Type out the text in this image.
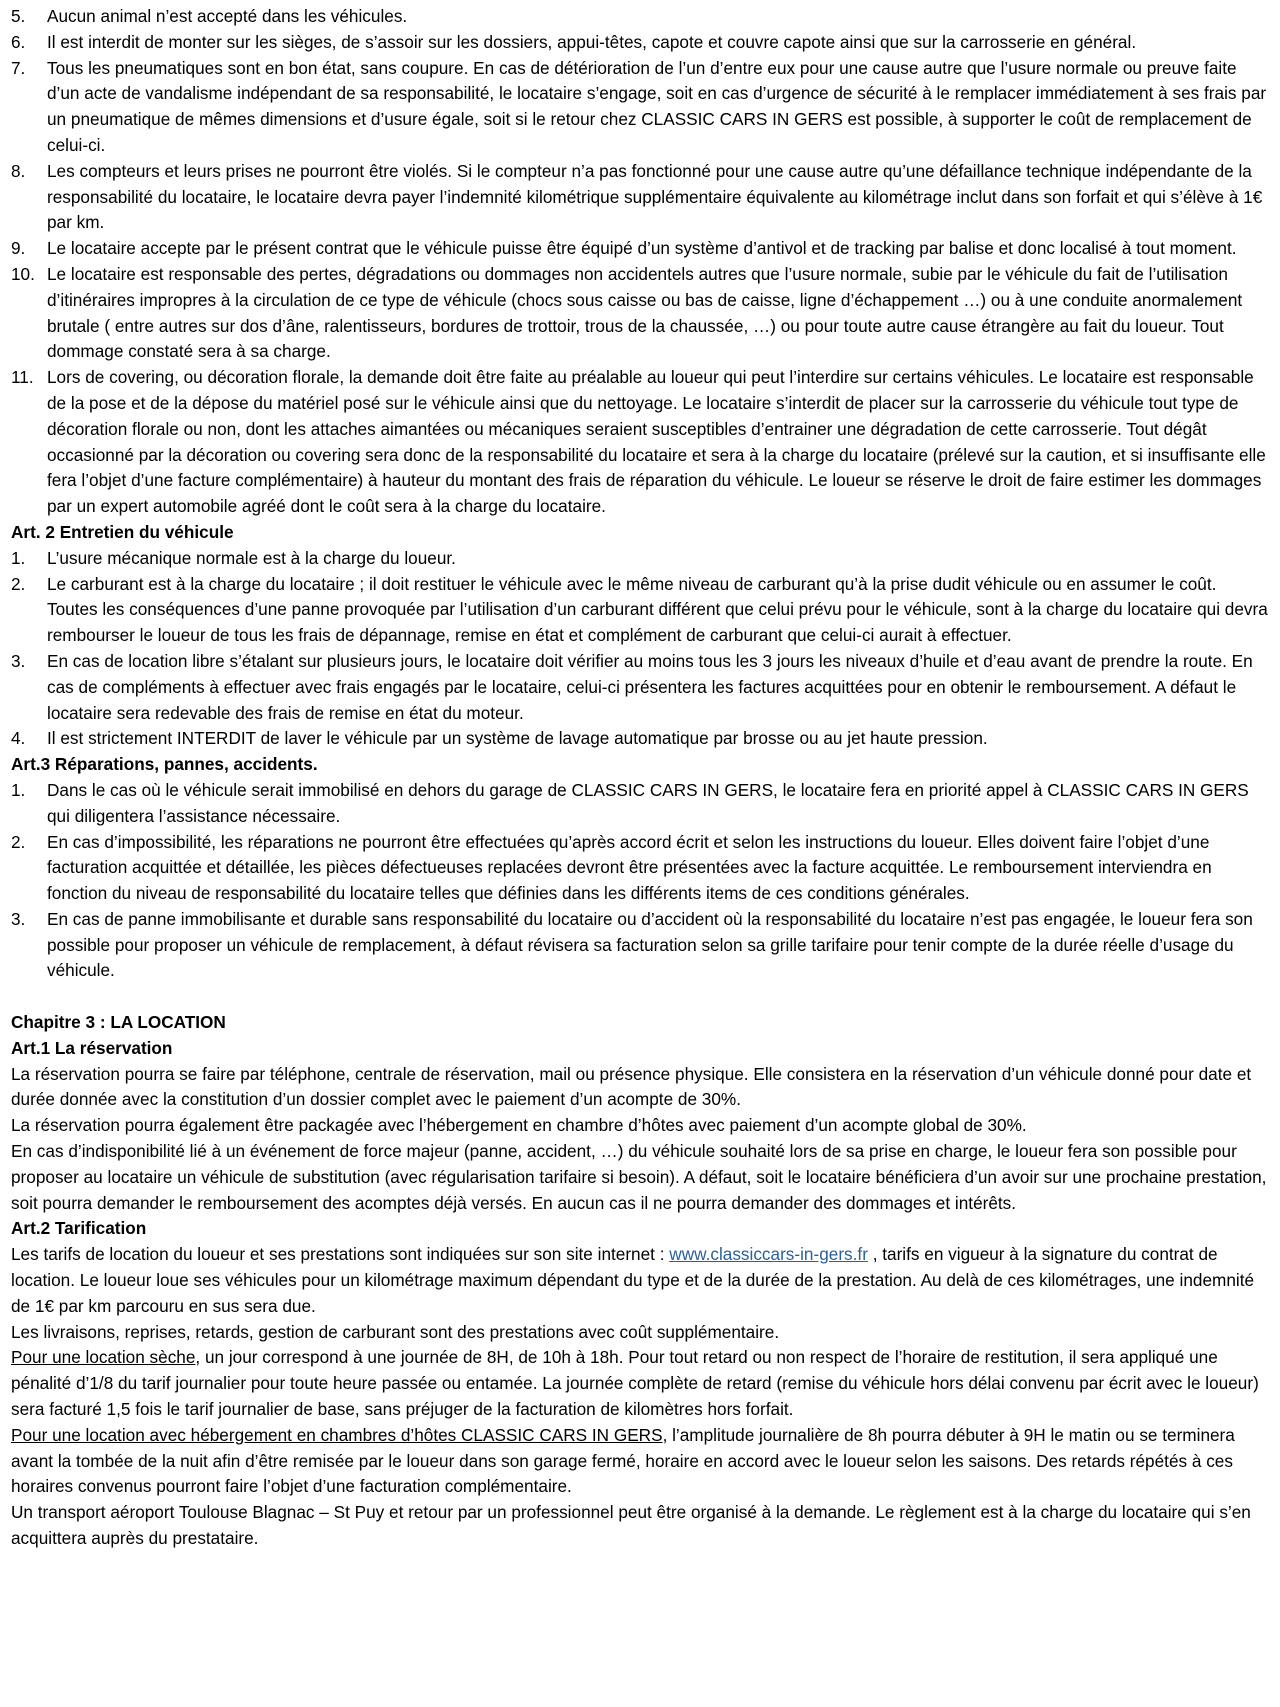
5.	Aucun animal n’est accepté dans les véhicules.
6.	Il est interdit de monter sur les sièges, de s’assoir sur les dossiers, appui-têtes, capote et couvre capote ainsi que sur la carrosserie en général.
7.	Tous les pneumatiques sont en bon état, sans coupure. En cas de détérioration de l’un d’entre eux pour une cause autre que l’usure normale ou preuve faite d’un acte de vandalisme indépendant de sa responsabilité, le locataire s’engage, soit en cas d’urgence de sécurité à le remplacer immédiatement à ses frais par un pneumatique de mêmes dimensions et d’usure égale, soit si le retour chez CLASSIC CARS IN GERS est possible, à supporter le coût de remplacement de celui-ci.
8.	Les compteurs et leurs prises ne pourront être violés. Si le compteur n’a pas fonctionné pour une cause autre qu’une défaillance technique indépendante de la responsabilité du locataire, le locataire devra payer l’indemnité kilométrique supplémentaire équivalente au kilométrage inclut dans son forfait et qui s’élève à 1€ par km.
9.	Le locataire accepte par le présent contrat que le véhicule puisse être équipé d’un système d’antivol et de tracking par balise et donc localisé à tout moment.
10. Le locataire est responsable des pertes, dégradations ou dommages non accidentels autres que l’usure normale, subie par le véhicule du fait de l’utilisation d’itinéraires impropres à la circulation de ce type de véhicule (chocs sous caisse ou bas de caisse, ligne d’échappement …) ou à une conduite anormalement brutale ( entre autres sur dos d’âne, ralentisseurs, bordures de trottoir, trous de la chaussée, …) ou pour toute autre cause étrangère au fait du loueur. Tout dommage constaté sera à sa charge.
11. Lors de covering, ou décoration florale, la demande doit être faite au préalable au loueur qui peut l’interdire sur certains véhicules. Le locataire est responsable de la pose et de la dépose du matériel posé sur le véhicule ainsi que du nettoyage. Le locataire s’interdit de placer sur la carrosserie du véhicule tout type de décoration florale ou non, dont les attaches aimantées ou mécaniques seraient susceptibles d’entrainer une dégradation de cette carrosserie. Tout dégât occasionné par la décoration ou covering sera donc de la responsabilité du locataire et sera à la charge du locataire (prélevé sur la caution, et si insuffisante elle fera l’objet d’une facture complémentaire) à hauteur du montant des frais de réparation du véhicule. Le loueur se réserve le droit de faire estimer les dommages par un expert automobile agréé dont le coût sera à la charge du locataire.
Art. 2 Entretien du véhicule
1.	L’usure mécanique normale est à la charge du loueur.
2.	Le carburant est à la charge du locataire ; il doit restituer le véhicule avec le même niveau de carburant qu’à la prise dudit véhicule ou en assumer le coût. Toutes les conséquences d’une panne provoquée par l’utilisation d’un carburant différent que celui prévu pour le véhicule, sont à la charge du locataire qui devra rembourser le loueur de tous les frais de dépannage, remise en état et complément de carburant que celui-ci aurait à effectuer.
3.	En cas de location libre s’étalant sur plusieurs jours, le locataire doit vérifier au moins tous les 3 jours les niveaux d’huile et d’eau avant de prendre la route. En cas de compléments à effectuer avec frais engagés par le locataire, celui-ci présentera les factures acquittées pour en obtenir le remboursement. A défaut le locataire sera redevable des frais de remise en état du moteur.
4.	Il est strictement INTERDIT de laver le véhicule par un système de lavage automatique par brosse ou au jet haute pression.
Art.3 Réparations, pannes, accidents.
1.	Dans le cas où le véhicule serait immobilisé en dehors du garage de CLASSIC CARS IN GERS, le locataire fera en priorité appel à CLASSIC CARS IN GERS qui diligentera l’assistance nécessaire.
2.	En cas d’impossibilité, les réparations ne pourront être effectuées qu’après accord écrit et selon les instructions du loueur. Elles doivent faire l’objet d’une facturation acquittée et détaillée, les pièces défectueuses replacées devront être présentées avec la facture acquittée. Le remboursement interviendra en fonction du niveau de responsabilité du locataire telles que définies dans les différents items de ces conditions générales.
3.	En cas de panne immobilisante et durable sans responsabilité du locataire ou d’accident où la responsabilité du locataire n’est pas engagée, le loueur fera son possible pour proposer un véhicule de remplacement, à défaut révisera sa facturation selon sa grille tarifaire pour tenir compte de la durée réelle d’usage du véhicule.
Chapitre 3 : LA LOCATION
Art.1 La réservation

La réservation pourra se faire par téléphone, centrale de réservation, mail ou présence physique. Elle consistera en la réservation d’un véhicule donné pour date et durée donnée avec la constitution d’un dossier complet avec le paiement d’un acompte de 30%.

La réservation pourra également être packagée avec l’hébergement en chambre d’hôtes avec paiement d’un acompte global de 30%.

En cas d’indisponibilité lié à un événement de force majeur (panne, accident, …) du véhicule souhaité lors de sa prise en charge, le loueur fera son possible pour proposer au locataire un véhicule de substitution (avec régularisation tarifaire si besoin). A défaut, soit le locataire bénéficiera d’un avoir sur une prochaine prestation, soit pourra demander le remboursement des acomptes déjà versés. En aucun cas il ne pourra demander des dommages et intérêts.

Art.2 Tarification

Les tarifs de location du loueur et ses prestations sont indiquées sur son site internet : www.classiccars-in-gers.fr , tarifs en vigueur à la signature du contrat de location. Le loueur loue ses véhicules pour un kilométrage maximum dépendant du type et de la durée de la prestation. Au delà de ces kilométrages, une indemnité de 1€ par km parcouru en sus sera due.

Les livraisons, reprises, retards, gestion de carburant sont des prestations avec coût supplémentaire.

Pour une location sèche, un jour correspond à une journée de 8H, de 10h à 18h. Pour tout retard ou non respect de l’horaire de restitution, il sera appliqué une pénalité d’1/8 du tarif journalier pour toute heure passée ou entamée. La journée complète de retard (remise du véhicule hors délai convenu par écrit avec le loueur) sera facturé 1,5 fois le tarif journalier de base, sans préjuger de la facturation de kilomètres hors forfait.

Pour une location avec hébergement en chambres d’hôtes CLASSIC CARS IN GERS, l’amplitude journalière de 8h pourra débuter à 9H le matin ou se terminera avant la tombée de la nuit afin d’être remisée par le loueur dans son garage fermé, horaire en accord avec le loueur selon les saisons. Des retards répétés à ces horaires convenus pourront faire l’objet d’une facturation complémentaire.

Un transport aéroport Toulouse Blagnac – St Puy et retour par un professionnel peut être organisé à la demande. Le règlement est à la charge du locataire qui s’en acquittera auprès du prestataire.
